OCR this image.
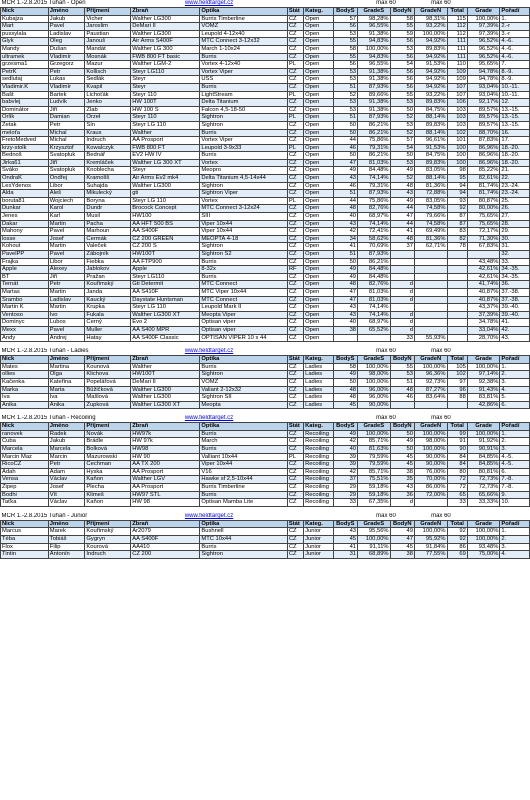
MČR 1.-2.8.2015 Tuhaň - Open			www.fieldtarget.cz					max 60		max 60			
Nick	Jméno	Příjmení	Zbraň	Optika	Stát	Kateg.	BodyS	GradeS	BodyN	GradeN	Total	Grade	Pořadí
Kubajza	Jakub	Vicher	Walther LG300	Burris Timberline	CZ	Open	57	98,28%	58	98,31%	115	100,00%	1.
Mart	Pavel	Jaroslim	DeMari II	VOMZ	CZ	Open	56	96,55%	55	93,22%	112	97,39%	2.-r
pussylala	Ladislav	Paustian	Walther LG300	Leupold 4-12x40	CZ	Open	53	91,38%	59	100,00%	112	97,39%	3.-r
Glyk	Oleg	Janouš	Air Arms S400F	MTC Connect 3-12x32	CZ	Open	55	94,83%	56	94,92%	111	96,52%	4.-6.
Mandy	Dušan	Mandát	Walther LG 300	March 1-10x24	CZ	Open	58	100,00%	53	89,83%	111	96,52%	4.-6.
ultramek	Vladimír	Mosnák	FWB 800 FT basic	Burris	CZ	Open	55	94,83%	56	94,92%	111	96,52%	4.-6.
grzesma1	Grzegorz	Mazur	Walther LGM-2	Vortex 4-12x40	PL	Open	56	96,55%	54	91,53%	110	95,65%	7.
PetrK	Petr	Kollisch	Steyr LG110	Vortex Viper	CZ	Open	53	91,38%	56	94,92%	109	94,78%	8.-9.
sedlutaj	Lukas	Sedlák	Steyr	USS	CZ	Open	53	91,38%	56	94,92%	109	94,78%	8.-9.
Vladimir.K	Vladimír	Kvapil	Steyr	Burris	CZ	Open	51	87,93%	56	94,92%	107	93,04%	10.-11.
Bašt	Bartek	Lichoťák	Steyr 110	LightStream	PL	Open	52	89,66%	55	93,22%	107	93,04%	10.-11.
babvlej	Ludvík	Jenko	HW 100T	Delta Titanium	CZ	Open	53	91,38%	53	89,83%	106	92,17%	12.
Dominátor	Jiří	Žlab	HW 100 S	Falcon 4,5-18-50	CZ	Open	53	91,38%	50	84,75%	103	89,57%	13.-15.
Orlík	Damian	Orzeł	Steyr 110	Sightron	PL	Open	51	87,93%	52	88,14%	103	89,57%	13.-15.
Zetak	Petr	Šín	Steyr LG 110	Sightron	CZ	Open	50	86,21%	53	89,83%	103	89,57%	13.-15.
meloťa	Michal	Kraus	Walther	Burris	CZ	Open	50	86,21%	52	88,14%	102	88,70%	16.
FretoMedved	Michal	Indruch	AA Prosport	Vortex Viper	CZ	Open	44	75,86%	57	96,61%	101	87,83%	17.
krzy-stolk	Krzysztof	Kowalczyk	FWB 800 FT	Leupold 3-9x33	PL	Open	46	79,31%	54	91,53%	100	86,96%	18.-20.
Bednoš	Svatopluk	Bednář	EV2 HW IV	Burris	CZ	Open	50	86,21%	50	84,75%	100	86,96%	18.-20.
Jirka61	Jiří	Kremláček	Walther LG 300 XT	Vortex	CZ	Open	47	81,03%	53	89,83%	100	86,96%	18.-20.
Šváko	Svatopluk	Knoblecha	Steyr	Meopro	CZ	Open	49	84,48%	49	83,05%	98	85,22%	21.
OndraK	Ondřej	Kramolíš	Air Arms Ev2 mk4	Delta Titanium 4,5-14x44	CZ	Open	43	74,14%	52	88,14%	95	82,61%	22.
LesYdenos	Libor	Šuhajda	Walther LG300	Sightron	CZ	Open	46	79,31%	48	81,36%	94	81,74%	23.-24.
Alda	Aleš	Mikulecký	gti	Sightron Viper	CZ	Open	51	87,93%	43	72,88%	94	81,74%	23.-24.
boruta81	Wojciech	Boryna	Steyr LG 110	Vortex	PL	Open	44	75,86%	49	83,05%	93	80,87%	25.
Dunkar	Karol	Dundr	Brocock Concept	MTC Connect 3-12x24	CZ	Open	48	82,76%	44	74,58%	92	80,00%	26.
Jenes	Karl	Musil	HW100	SIII	CZ	Open	40	68,97%	47	79,66%	87	75,65%	27.
Dakar	Martin	Pacha	AA HFT 500 BS	Viper 10x44	CZ	Open	43	74,14%	44	74,58%	87	75,65%	28.
Mahony	Pavel	Marhoun	AA S400F	Viper 10x44	CZ	Open	42	72,41%	41	69,49%	83	72,17%	29.
losse	Josef	Čermák	CZ 200 GREEN	MEOPTA 4-18	CZ	Open	34	58,62%	48	81,36%	82	71,30%	30.
Kohout	Martin	Valeček	CZ 200 S	Sightron	CZ	Open	41	70,69%	37	62,71%	78	67,83%	31.
PavelPP	Pavel	Zábojník	HW100T	Sightron S2	CZ	Open	51	87,93%					32.
Frajka	Libor	Fiebka	AA FTP900	Burris	CZ	Open	50	86,21%				43,48%	33.
Apple	Alexey	Jablokov	Apple	8-32x	RF	Open	49	84,48%				42,61%	34.-35.
BT	Jiří	Pražan	Steyr LG110	Burris	CZ	Open	49	84,48%				42,61%	34.-35.
Ternát	Petr	Kouřimský	Gti Determit	MTC Connect	CZ	Open	48	82,76%	d			41,74%	36.
Martas	Martin	Janda	AA S410F	MTC Viper 10x44	CZ	Open	47	81,03%	d			40,87%	37.-38.
Srambo	Ladislav	Kaucký	Daystate Huntsman	MTC Connect	CZ	Open	47	81,03%	d			40,87%	37.-38.
Martin K	Martin	Krupka	Steyr LG 110	Leupold Mark II	CZ	Open	43	74,14%				43,37%	39.-40.
Ventoso	Ivo	Fukala	Walther LG300 XT	Meopta Viper	CZ	Open	43	74,14%	d			37,39%	39.-40.
Dominyc	Lubos	Černý	Evo 2	Optisan viper	CZ	Open	40	68,97%	d			34,78%	41.
Mexx	Pavel	Muller	AA S400 MPR	Optisan viper	CZ	Open	38	65,52%	d			33,04%	42.
Andy	Andrej	Hatay	AA S400F Classic	OPTISAN VIPER 10 x 44	CZ	Open			33	55,93%		28,70%	43.

MČR 1.-2.8.2015 Tuhaň - Ladies			www.fieldtarget.cz					max 60		max 60			
Nick	Jméno	Příjmení	Zbraň	Optika	Stát	Kateg.	BodyS	GradeS	BodyN	GradeN	Total	Grade	Pořadí
Mates	Martina	Kounová	Walther	Burris	CZ	Ladies	58	100,00%	55	100,00%	105	100,00%	1.
ollies	Olga	Klichova	HW100T	Sightron	CZ	Ladies	49	98,00%	53	96,36%	102	97,14%	2.
Kačenka	Kateřina	Popelářová	DeMari II	VOMZ	CZ	Ladies	50	100,00%	51	92,73%	97	92,38%	3.
Marka	Marta	Bůžičková	Walther LG300	Valiant 2-12x32	CZ	Ladies	48	96,00%	48	87,27%	96	91,43%	4.
Iva	Iva	Mašlová	Walther LG300	Sightron SII	CZ	Ladies	48	96,00%	46	83,64%	88	83,81%	5.
Anika	Anika	Župková	Walther LG300 XT	Meopta	CZ	Ladies	45	90,00%				42,86%	6.

MČR 1.-2.8.2015 Tuhaň - Recoiling			www.fieldtarget.cz					max 60		max 60			
Nick	Jméno	Příjmení	Zbraň	Optika	Stát	Kateg.	BodyS	GradeS	BodyN	GradeN	Total	Grade	Pořadí
ranovek	Radek	Novák	HW97k	Burris	CZ	Recoiling	49	100,00%	50	100,00%	99	100,00%	1.
Cuba	Jakub	Brádle	HW 97k	March	CZ	Recoiling	42	85,71%	49	98,00%	91	91,92%	2.
Marcela	Marcela	Bolková	HW98	Burris	CZ	Recoiling	40	81,63%	50	100,00%	90	90,91%	3.
Marcin Maz	Marcin	Mazurowski	HW 90	Valliant 10x44	PL	Recoiling	39	79,59%	45	90,00%	84	84,85%	4.-5.
RicoCZ	Petr	Čechman	AA TX 200	Viper 10x44	CZ	Recoiling	39	79,59%	45	90,00%	84	84,85%	4.-5.
Adah	Adam	Hyska	AA Prosport	V16	CZ	Recoiling	42	85,71%	38	76,00%	80	80,81%	6.
Vensa	Václav	Kaňon	Walther LGV	Hawke sf 2,5-10x44	CZ	Recoiling	37	75,51%	35	70,00%	72	72,73%	7.-8.
Zipep	Josef	Plecha	AA Prosport	Burris Timberline	CZ	Recoiling	29	59,18%	43	86,00%	72	72,73%	7.-8.
Bodhi	Vít	Klimeš	HW97 STL	Burris	CZ	Recoiling	29	59,18%	36	72,00%	65	65,66%	9.
Taťka	Václav	Kaňon	HW 98	Optisan Mamba Lite	CZ	Recoiling	33	67,35%	d		33	33,33%	10.

MČR 1.-2.8.2015 Tuhaň - Junior			www.fieldtarget.cz					max 60		max 60			
Nick	Jméno	Příjmení	Zbraň	Optika	Stát	Kateg.	BodyS	GradeS	BodyN	GradeN	Total	Grade	Pořadí
Marcus	Marek	Kouřimský	Ar2079	Bushnell	CZ	Junior	43	95,56%	49	100,00%	92	100,00%	1.
Téba	Tobiáš	Gygryn	AA S400F	MTC 10x44	CZ	Junior	45	100,00%	47	95,92%	92	100,00%	2.
Flox	Filip	Kourová	AA410	Burris	CZ	Junior	41	91,11%	45	91,84%	86	93,48%	3.
Tintin	Antonín	Indruch	CZ 200	Sightron	CZ	Junior	31	68,89%	38	77,55%	69	75,00%	4.
